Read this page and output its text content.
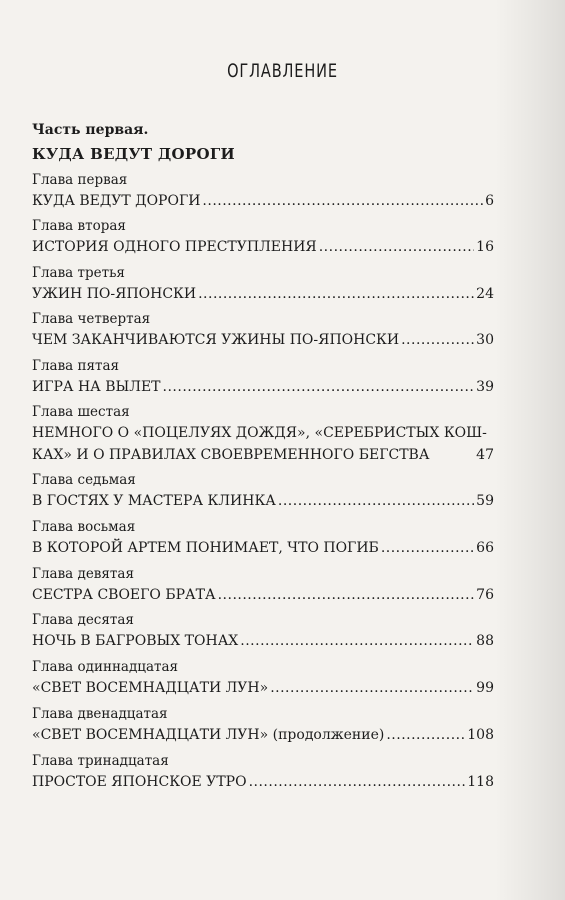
ОГЛАВЛЕНИЕ
Часть первая.
КУДА ВЕДУТ ДОРОГИ
Глава первая
КУДА ВЕДУТ ДОРОГИ .....	6
Глава вторая
ИСТОРИЯ ОДНОГО ПРЕСТУПЛЕНИЯ .....	16
Глава третья
УЖИН ПО-ЯПОНСКИ .....	24
Глава четвертая
ЧЕМ ЗАКАНЧИВАЮТСЯ УЖИНЫ ПО-ЯПОНСКИ .....	30
Глава пятая
ИГРА НА ВЫЛЕТ .....	39
Глава шестая
НЕМНОГО О «ПОЦЕЛУЯХ ДОЖДЯ», «СЕРЕБРИСТЫХ КОШ-
КАХ» И О ПРАВИЛАХ СВОЕВРЕМЕННОГО БЕГСТВА	47
Глава седьмая
В ГОСТЯХ У МАСТЕРА КЛИНКА .....	59
Глава восьмая
В КОТОРОЙ АРТЕМ ПОНИМАЕТ, ЧТО ПОГИБ .....	66
Глава девятая
СЕСТРА СВОЕГО БРАТА .....	76
Глава десятая
НОЧЬ В БАГРОВЫХ ТОНАХ .....	88
Глава одиннадцатая
«СВЕТ ВОСЕМНАДЦАТИ ЛУН» .....	99
Глава двенадцатая
«СВЕТ ВОСЕМНАДЦАТИ ЛУН» (продолжение) .....	108
Глава тринадцатая
ПРОСТОЕ ЯПОНСКОЕ УТРО .....	118
